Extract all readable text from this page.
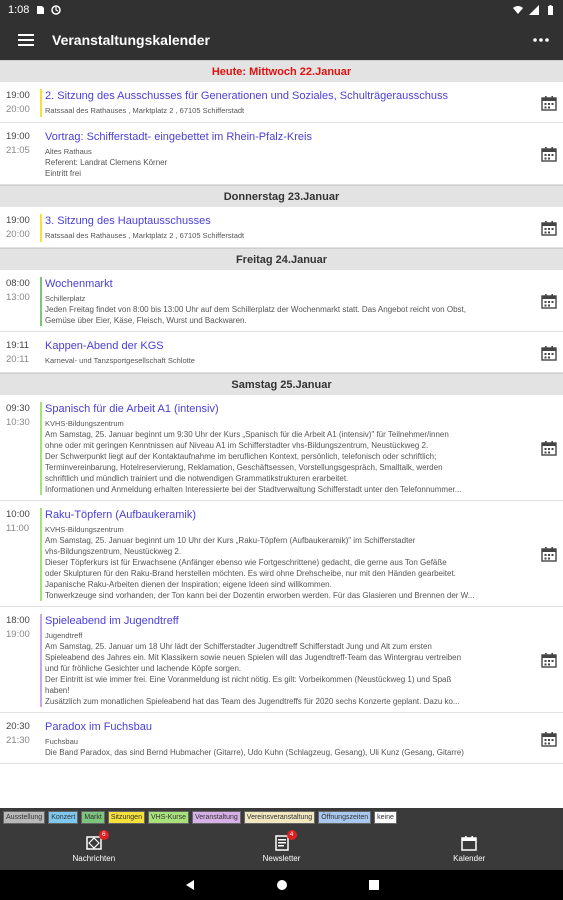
1:08
Veranstaltungskalender
Heute: Mittwoch 22.Januar
19:00
20:00
2. Sitzung des Ausschusses für Generationen und Soziales, Schulträgerausschuss
Ratssaal des Rathauses , Marktplatz 2 , 67105 Schifferstadt
19:00
21:05
Vortrag: Schifferstadt- eingebettet im Rhein-Pfalz-Kreis
Altes Rathaus
Referent: Landrat Clemens Körner
Eintritt frei
Donnerstag 23.Januar
19:00
20:00
3. Sitzung des Hauptausschusses
Ratssaal des Rathauses , Marktplatz 2 , 67105 Schifferstadt
Freitag 24.Januar
08:00
13:00
Wochenmarkt
Schillerplatz
Jeden Freitag findet von 8:00 bis 13:00 Uhr auf dem Schillerplatz der Wochenmarkt statt. Das Angebot reicht von Obst,
Gemüse über Eier, Käse, Fleisch, Wurst und Backwaren.
19:11
20:11
Kappen-Abend der KGS
Karneval- und Tanzsportgesellschaft Schlotte
Samstag 25.Januar
09:30
10:30
Spanisch für die Arbeit A1 (intensiv)
KVHS-Bildungszentrum
Am Samstag, 25. Januar beginnt um 9:30 Uhr der Kurs „Spanisch für die Arbeit A1 (intensiv)" für Teilnehmer/innen
ohne oder mit geringen Kenntnissen auf Niveau A1 im Schifferstadter vhs-Bildungszentrum, Neustückweg 2.
Der Schwerpunkt liegt auf der Kontaktaufnahme im beruflichen Kontext, persönlich, telefonisch oder schriftlich;
Terminvereinbarung, Hotelreservierung, Reklamation, Geschäftsessen, Vorstellungsgespräch, Smalltalk, werden
schriftlich und mündlich trainiert und die notwendigen Grammatikstrukturen erarbeitet.
Informationen und Anmeldung erhalten Interessierte bei der Stadtverwaltung Schifferstadt unter den Telefonnummer...
10:00
11:00
Raku-Töpfern (Aufbaukeramik)
KVHS-Bildungszentrum
Am Samstag, 25. Januar beginnt um 10 Uhr der Kurs „Raku-Töpfern (Aufbaukeramik)" im Schifferstadter
vhs-Bildungszentrum, Neustückweg 2.
Dieser Töpferkurs ist für Erwachsene (Anfänger ebenso wie Fortgeschrittene) gedacht, die gerne aus Ton Gefäße
oder Skulpturen für den Raku-Brand herstellen möchten. Es wird ohne Drehscheibe, nur mit den Händen gearbeitet.
Japanische Raku-Arbeiten dienen der Inspiration; eigene Ideen sind willkommen.
Tonwerkzeuge sind vorhanden, der Ton kann bei der Dozentin erworben werden. Für das Glasieren und Brennen der W...
18:00
19:00
Spieleabend im Jugendtreff
Jugendtreff
Am Samstag, 25. Januar um 18 Uhr lädt der Schifferstadter Jugendtreff Schifferstadt Jung und Alt zum ersten
Spieleabend des Jahres ein. Mit Klassikern sowie neuen Spielen will das Jugendtreff-Team das Wintergrau vertreiben
und für fröhliche Gesichter und lachende Köpfe sorgen.
Der Eintritt ist wie immer frei. Eine Voranmeldung ist nicht nötig. Es gilt: Vorbeikommen (Neustückweg 1) und Spaß
haben!
Zusätzlich zum monatlichen Spieleabend hat das Team des Jugendtreffs für 2020 sechs Konzerte geplant. Dazu ko...
20:30
21:30
Paradox im Fuchsbau
Fuchsbau
Die Band Paradox, das sind Bernd Hubmacher (Gitarre), Udo Kuhn (Schlagzeug, Gesang), Uli Kunz (Gesang, Gitarre)
Ausstellung	Konzert	Markt	Sitzungen	VHS-Kurse	Veranstaltung	Vereinsveranstaltung	Öffnungszeiten	keine
6
Nachrichten
4
Newsletter	Kalender
